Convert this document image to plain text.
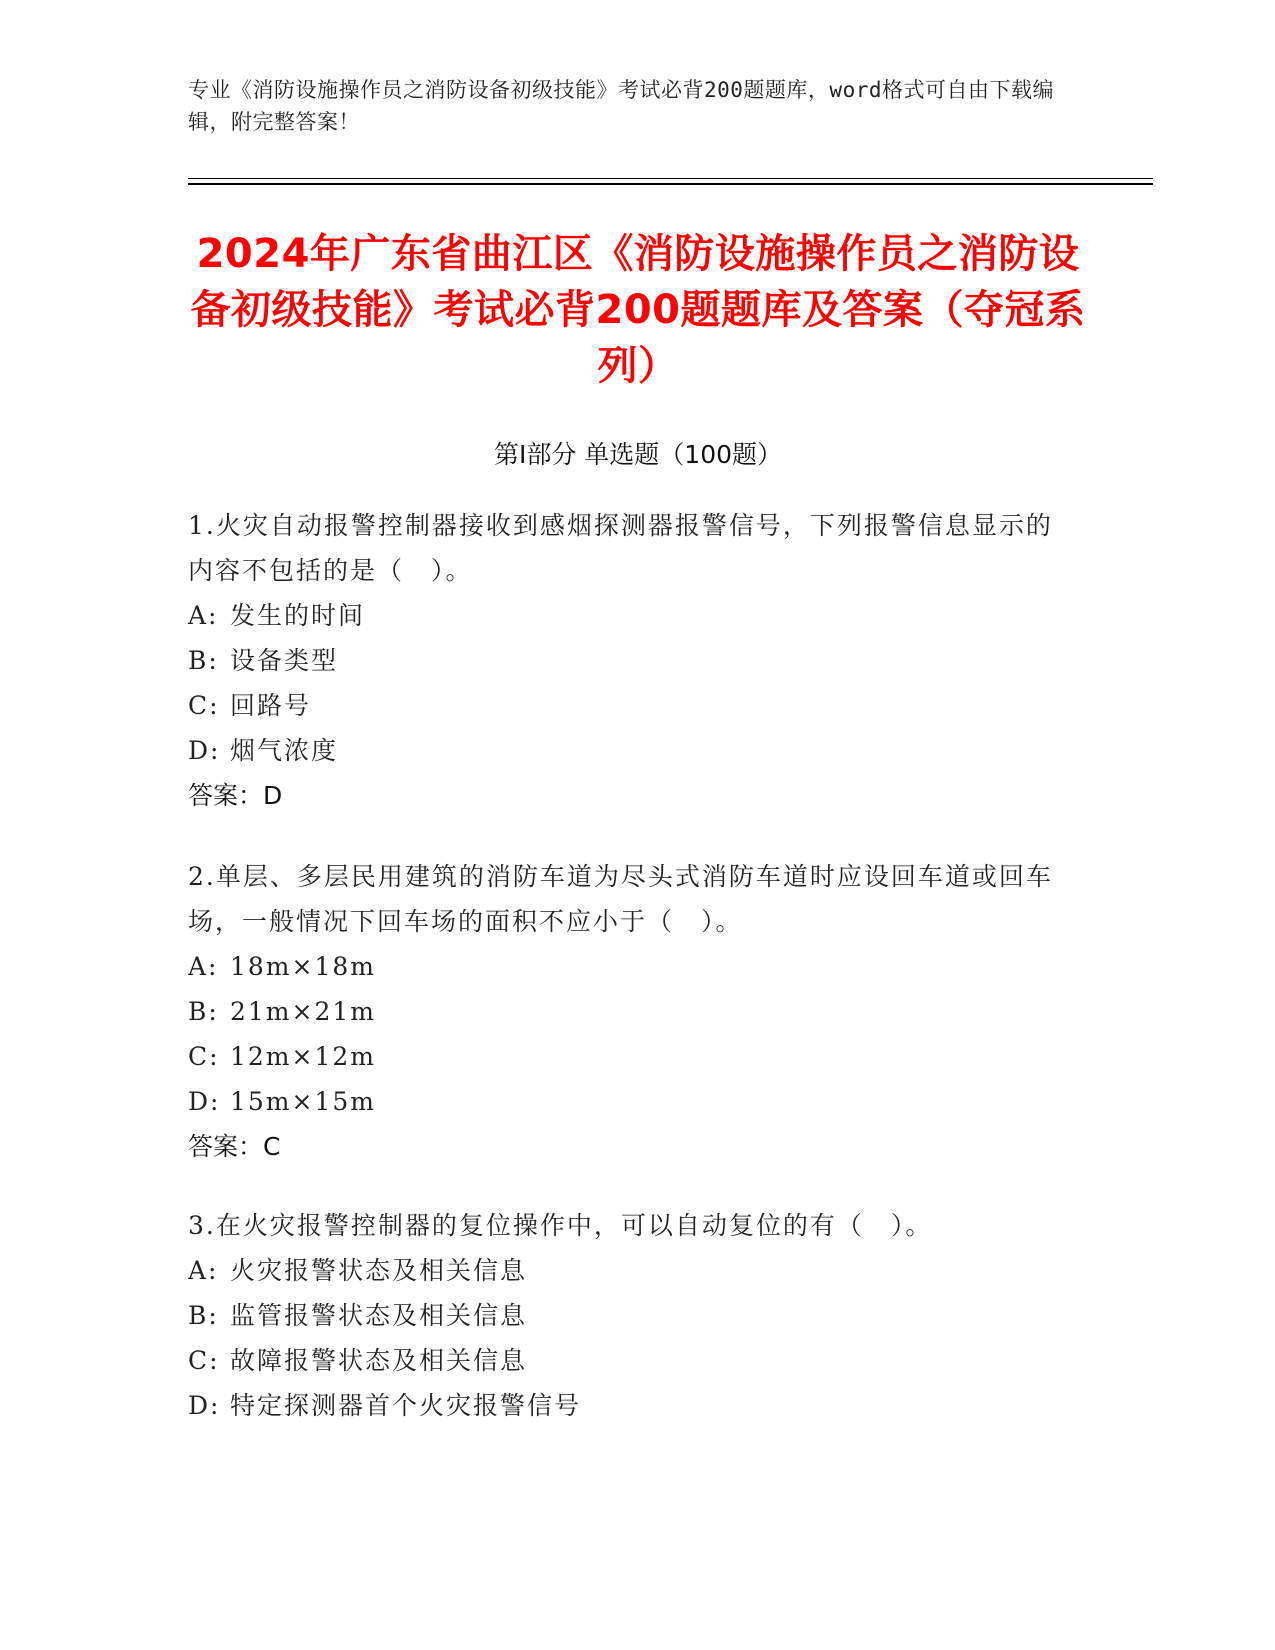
专业《消防设施操作员之消防设备初级技能》考试必背200题题库，word格式可自由下载编辑，附完整答案！
2024年广东省曲江区《消防设施操作员之消防设备初级技能》考试必背200题题库及答案（夺冠系列）
第Ⅰ部分 单选题（100题）
1.火灾自动报警控制器接收到感烟探测器报警信号，下列报警信息显示的内容不包括的是（　）。
A: 发生的时间
B: 设备类型
C: 回路号
D: 烟气浓度
答案：D
2.单层、多层民用建筑的消防车道为尽头式消防车道时应设回车道或回车场，一般情况下回车场的面积不应小于（　）。
A: 18m×18m
B: 21m×21m
C: 12m×12m
D: 15m×15m
答案：C
3.在火灾报警控制器的复位操作中，可以自动复位的有（　）。
A: 火灾报警状态及相关信息
B: 监管报警状态及相关信息
C: 故障报警状态及相关信息
D: 特定探测器首个火灾报警信号
